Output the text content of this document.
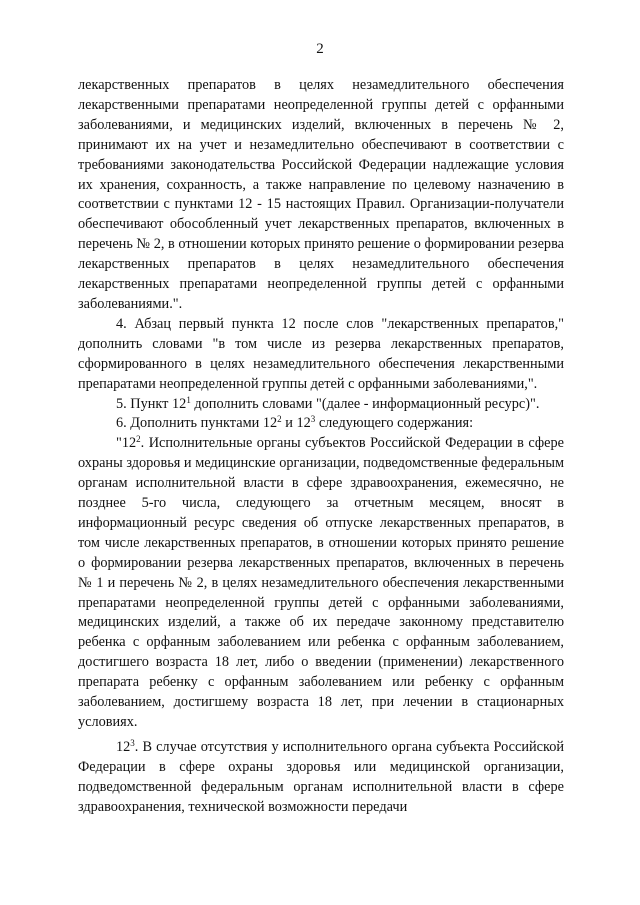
2

лекарственных препаратов в целях незамедлительного обеспечения лекарственными препаратами неопределенной группы детей с орфанными заболеваниями, и медицинских изделий, включенных в перечень № 2, принимают их на учет и незамедлительно обеспечивают в соответствии с требованиями законодательства Российской Федерации надлежащие условия их хранения, сохранность, а также направление по целевому назначению в соответствии с пунктами 12 - 15 настоящих Правил. Организации-получатели обеспечивают обособленный учет лекарственных препаратов, включенных в перечень № 2, в отношении которых принято решение о формировании резерва лекарственных препаратов в целях незамедлительного обеспечения лекарственных препаратами неопределенной группы детей с орфанными заболеваниями.".

4. Абзац первый пункта 12 после слов "лекарственных препаратов," дополнить словами "в том числе из резерва лекарственных препаратов, сформированного в целях незамедлительного обеспечения лекарственными препаратами неопределенной группы детей с орфанными заболеваниями,".

5. Пункт $12^1$ дополнить словами "(далее - информационный ресурс)".

6. Дополнить пунктами $12^2$ и $12^3$ следующего содержания:

"$12^2$. Исполнительные органы субъектов Российской Федерации в сфере охраны здоровья и медицинские организации, подведомственные федеральным органам исполнительной власти в сфере здравоохранения, ежемесячно, не позднее 5-го числа, следующего за отчетным месяцем, вносят в информационный ресурс сведения об отпуске лекарственных препаратов, в том числе лекарственных препаратов, в отношении которых принято решение о формировании резерва лекарственных препаратов, включенных в перечень № 1 и перечень № 2, в целях незамедлительного обеспечения лекарственными препаратами неопределенной группы детей с орфанными заболеваниями, медицинских изделий, а также об их передаче законному представителю ребенка с орфанным заболеванием или ребенка с орфанным заболеванием, достигшего возраста 18 лет, либо о введении (применении) лекарственного препарата ребенку с орфанным заболеванием или ребенку с орфанным заболеванием, достигшему возраста 18 лет, при лечении в стационарных условиях.

$12^3$. В случае отсутствия у исполнительного органа субъекта Российской Федерации в сфере охраны здоровья или медицинской организации, подведомственной федеральным органам исполнительной власти в сфере здравоохранения, технической возможности передачи
